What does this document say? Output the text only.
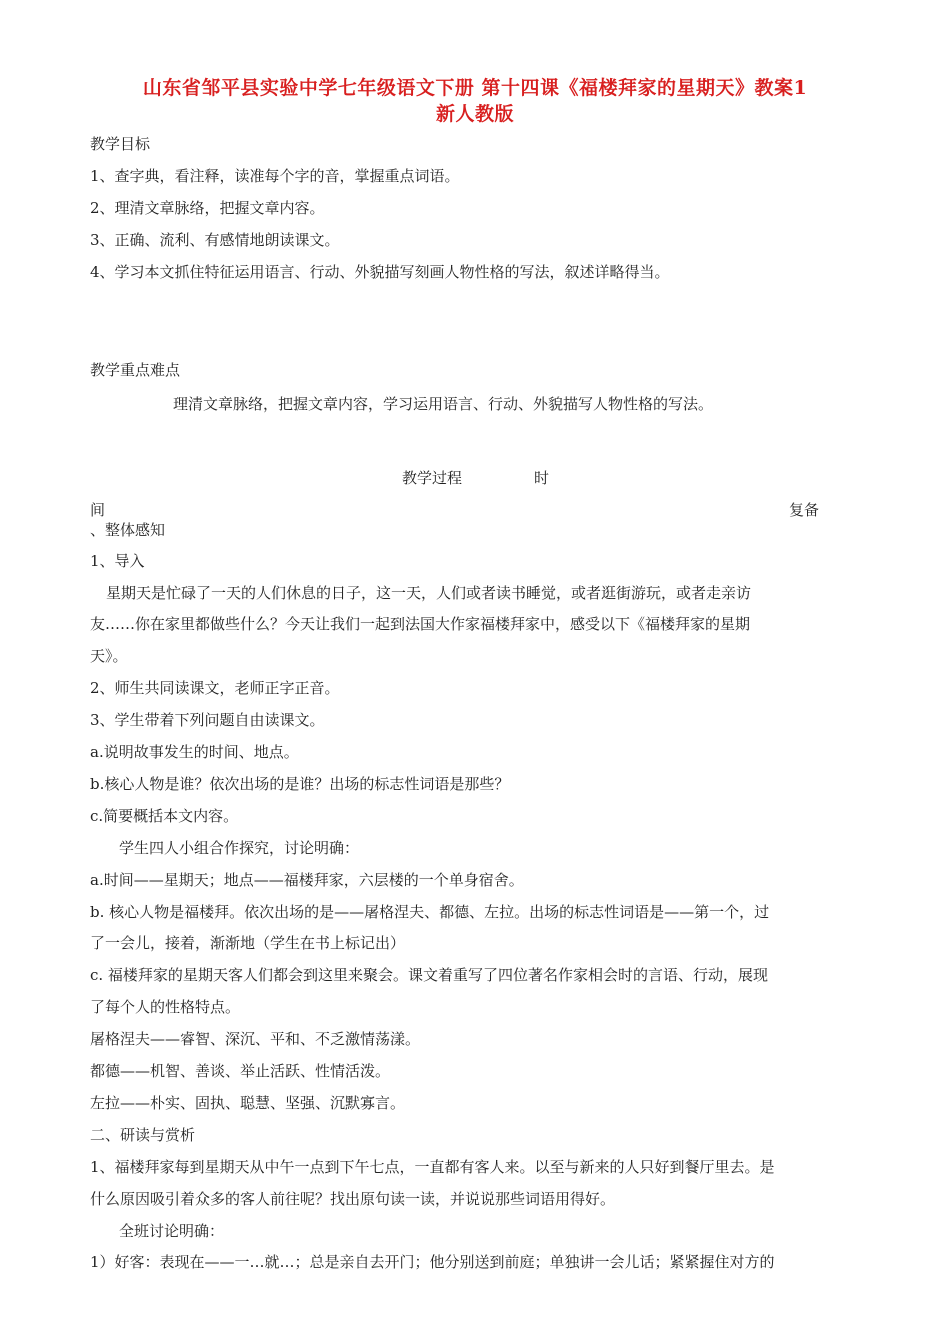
山东省邹平县实验中学七年级语文下册 第十四课《福楼拜家的星期天》教案1
新人教版
教学目标
1、查字典，看注释，读准每个字的音，掌握重点词语。
2、理清文章脉络，把握文章内容。
3、正确、流利、有感情地朗读课文。
4、学习本文抓住特征运用语言、行动、外貌描写刻画人物性格的写法，叙述详略得当。
教学重点难点
理清文章脉络，把握文章内容，学习运用语言、行动、外貌描写人物性格的写法。
教学过程	时
间	复备
、整体感知
1、导入
星期天是忙碌了一天的人们休息的日子，这一天，人们或者读书睡觉，或者逛街游玩，或者走亲访
友……你在家里都做些什么？今天让我们一起到法国大作家福楼拜家中，感受以下《福楼拜家的星期
天》。
2、师生共同读课文，老师正字正音。
3、学生带着下列问题自由读课文。
a.说明故事发生的时间、地点。
b.核心人物是谁？依次出场的是谁？出场的标志性词语是那些？
c.简要概括本文内容。
学生四人小组合作探究，讨论明确：
a.时间——星期天；地点——福楼拜家，六层楼的一个单身宿舍。
b. 核心人物是福楼拜。依次出场的是——屠格涅夫、都德、左拉。出场的标志性词语是——第一个，过
了一会儿，接着，渐渐地（学生在书上标记出）
c. 福楼拜家的星期天客人们都会到这里来聚会。课文着重写了四位著名作家相会时的言语、行动，展现
了每个人的性格特点。
屠格涅夫——睿智、深沉、平和、不乏激情荡漾。
都德——机智、善谈、举止活跃、性情活泼。
左拉——朴实、固执、聪慧、坚强、沉默寡言。
二、研读与赏析
1、福楼拜家每到星期天从中午一点到下午七点，一直都有客人来。以至与新来的人只好到餐厅里去。是
什么原因吸引着众多的客人前往呢？找出原句读一读，并说说那些词语用得好。
全班讨论明确：
1）好客：表现在——一…就…；总是亲自去开门；他分别送到前庭；单独讲一会儿话；紧紧握住对方的
